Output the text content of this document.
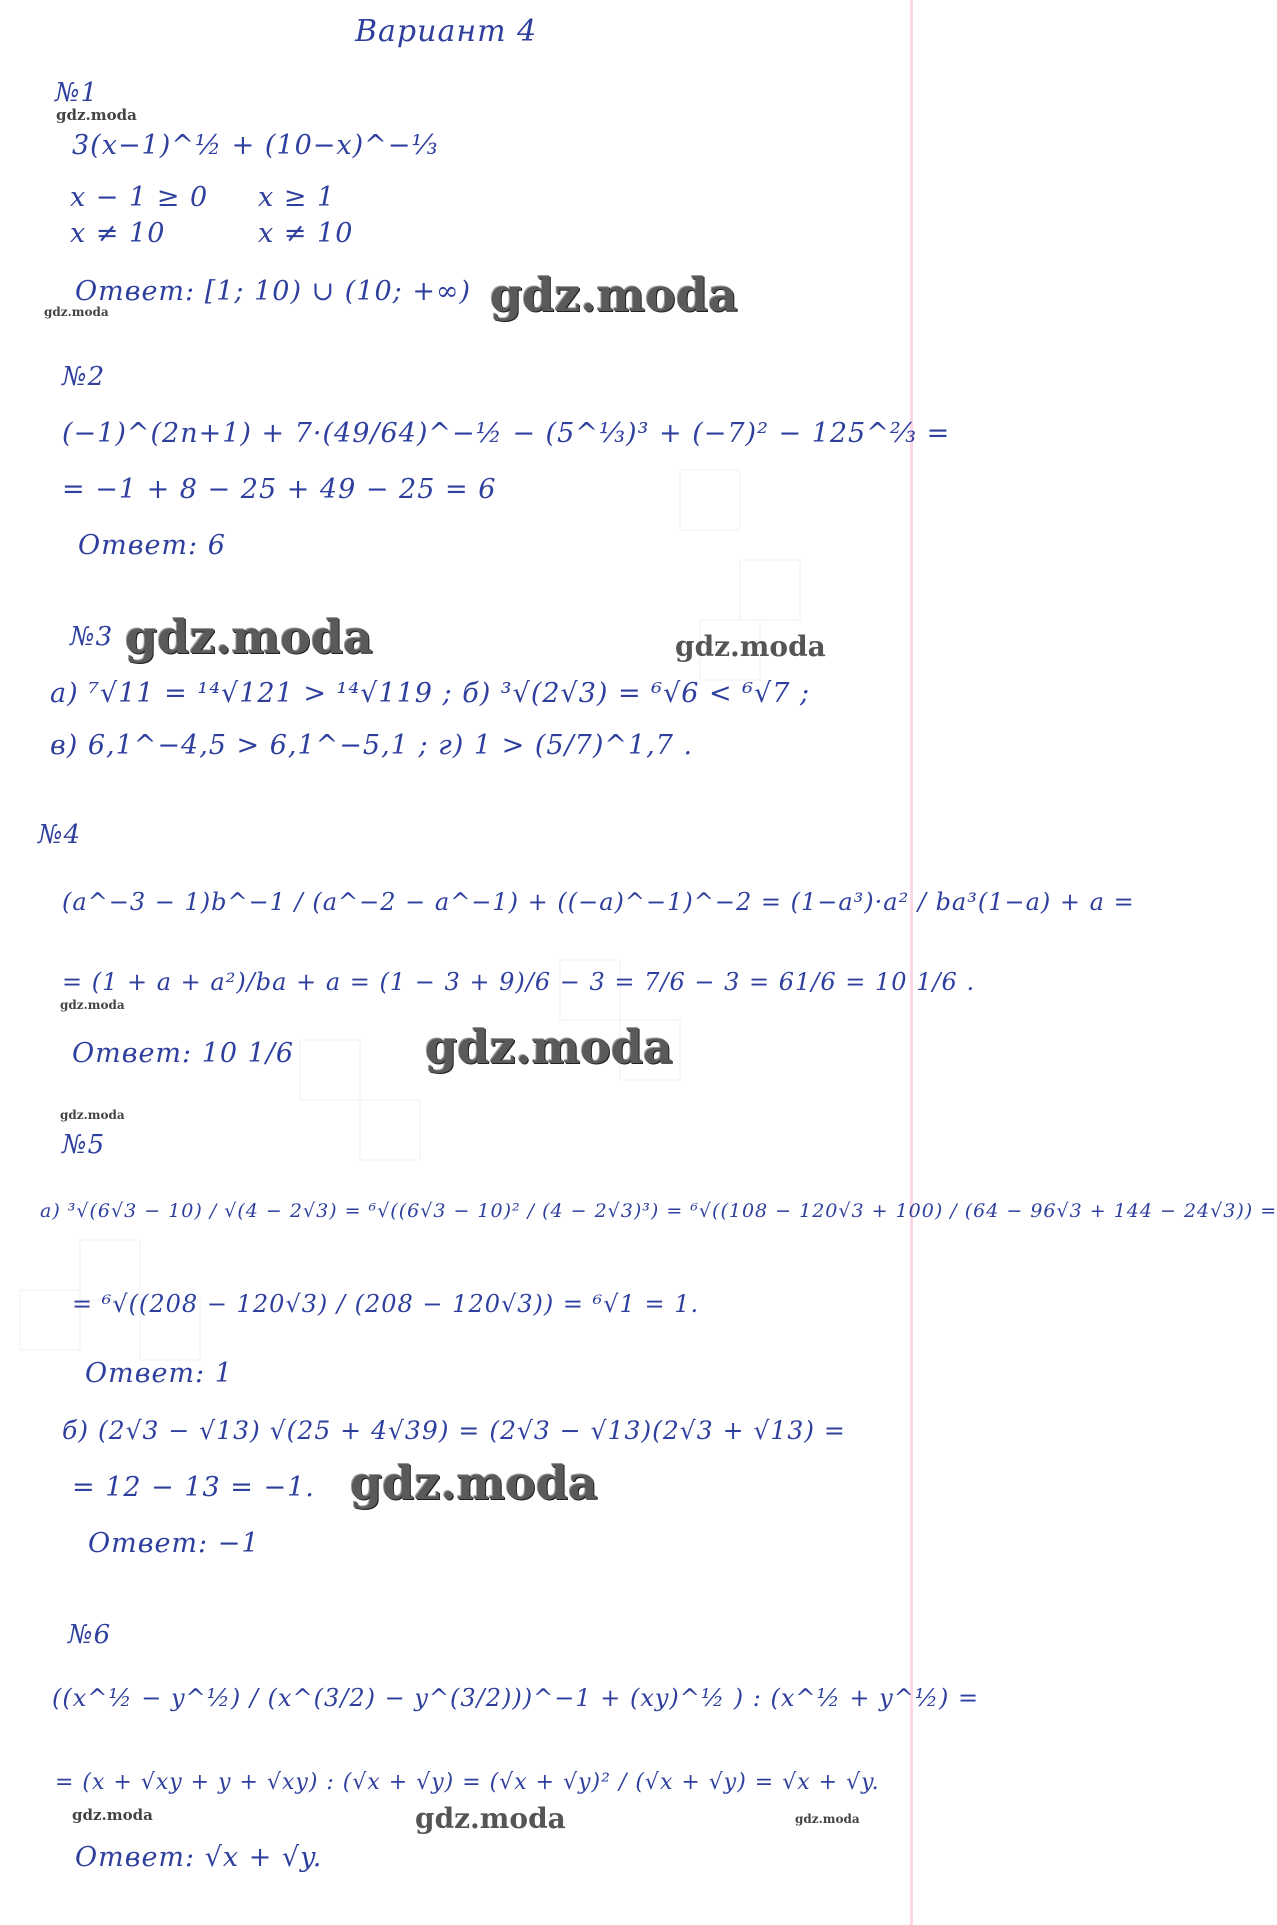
Вариант 4
№1
gdz.moda
3(x−1)^½ + (10−x)^−⅓
x − 1 ≥ 0
x ≠ 10
x ≥ 1
x ≠ 10
Ответ: [1; 10) ∪ (10; +∞)
gdz.moda	gdz.moda
№2
(−1)^(2n+1) + 7·(49/64)^−½ − (5^⅓)³ + (−7)² − 125^⅔ =
= −1 + 8 − 25 + 49 − 25 = 6
Ответ: 6
№3 gdz.moda	gdz.moda
а) ⁷√11 = ¹⁴√121 > ¹⁴√119 ; б) ³√(2√3) = ⁶√6 < ⁶√7 ;
в) 6,1^−4,5 > 6,1^−5,1 ; г) 1 > (5/7)^1,7 .
№4
(a^−3 − 1)b^−1 / (a^−2 − a^−1) + ((−a)^−1)^−2 = (1−a³)·a² / ba³(1−a) + a =
= (1 + a + a²)/ba + a = (1 − 3 + 9)/6 − 3 = 7/6 − 3 = 61/6 = 10 1/6 .
gdz.moda
Ответ: 10 1/6	gdz.moda
gdz.moda
№5
а) ³√(6√3 − 10) / √(4 − 2√3) = ⁶√((6√3 − 10)² / (4 − 2√3)³) = ⁶√((108 − 120√3 + 100) / (64 − 96√3 + 144 − 24√3)) =
= ⁶√((208 − 120√3) / (208 − 120√3)) = ⁶√1 = 1.
Ответ: 1
б) (2√3 − √13) √(25 + 4√39) = (2√3 − √13)(2√3 + √13) =
= 12 − 13 = −1. gdz.moda
Ответ: −1
№6
((x^½ − y^½) / (x^(3/2) − y^(3/2)))^−1 + (xy)^½ ) : (x^½ + y^½) =
= (x + √xy + y + √xy) : (√x + √y) = (√x + √y)² / (√x + √y) = √x + √y.
gdz.moda	gdz.moda	gdz.moda
Ответ: √x + √y.
